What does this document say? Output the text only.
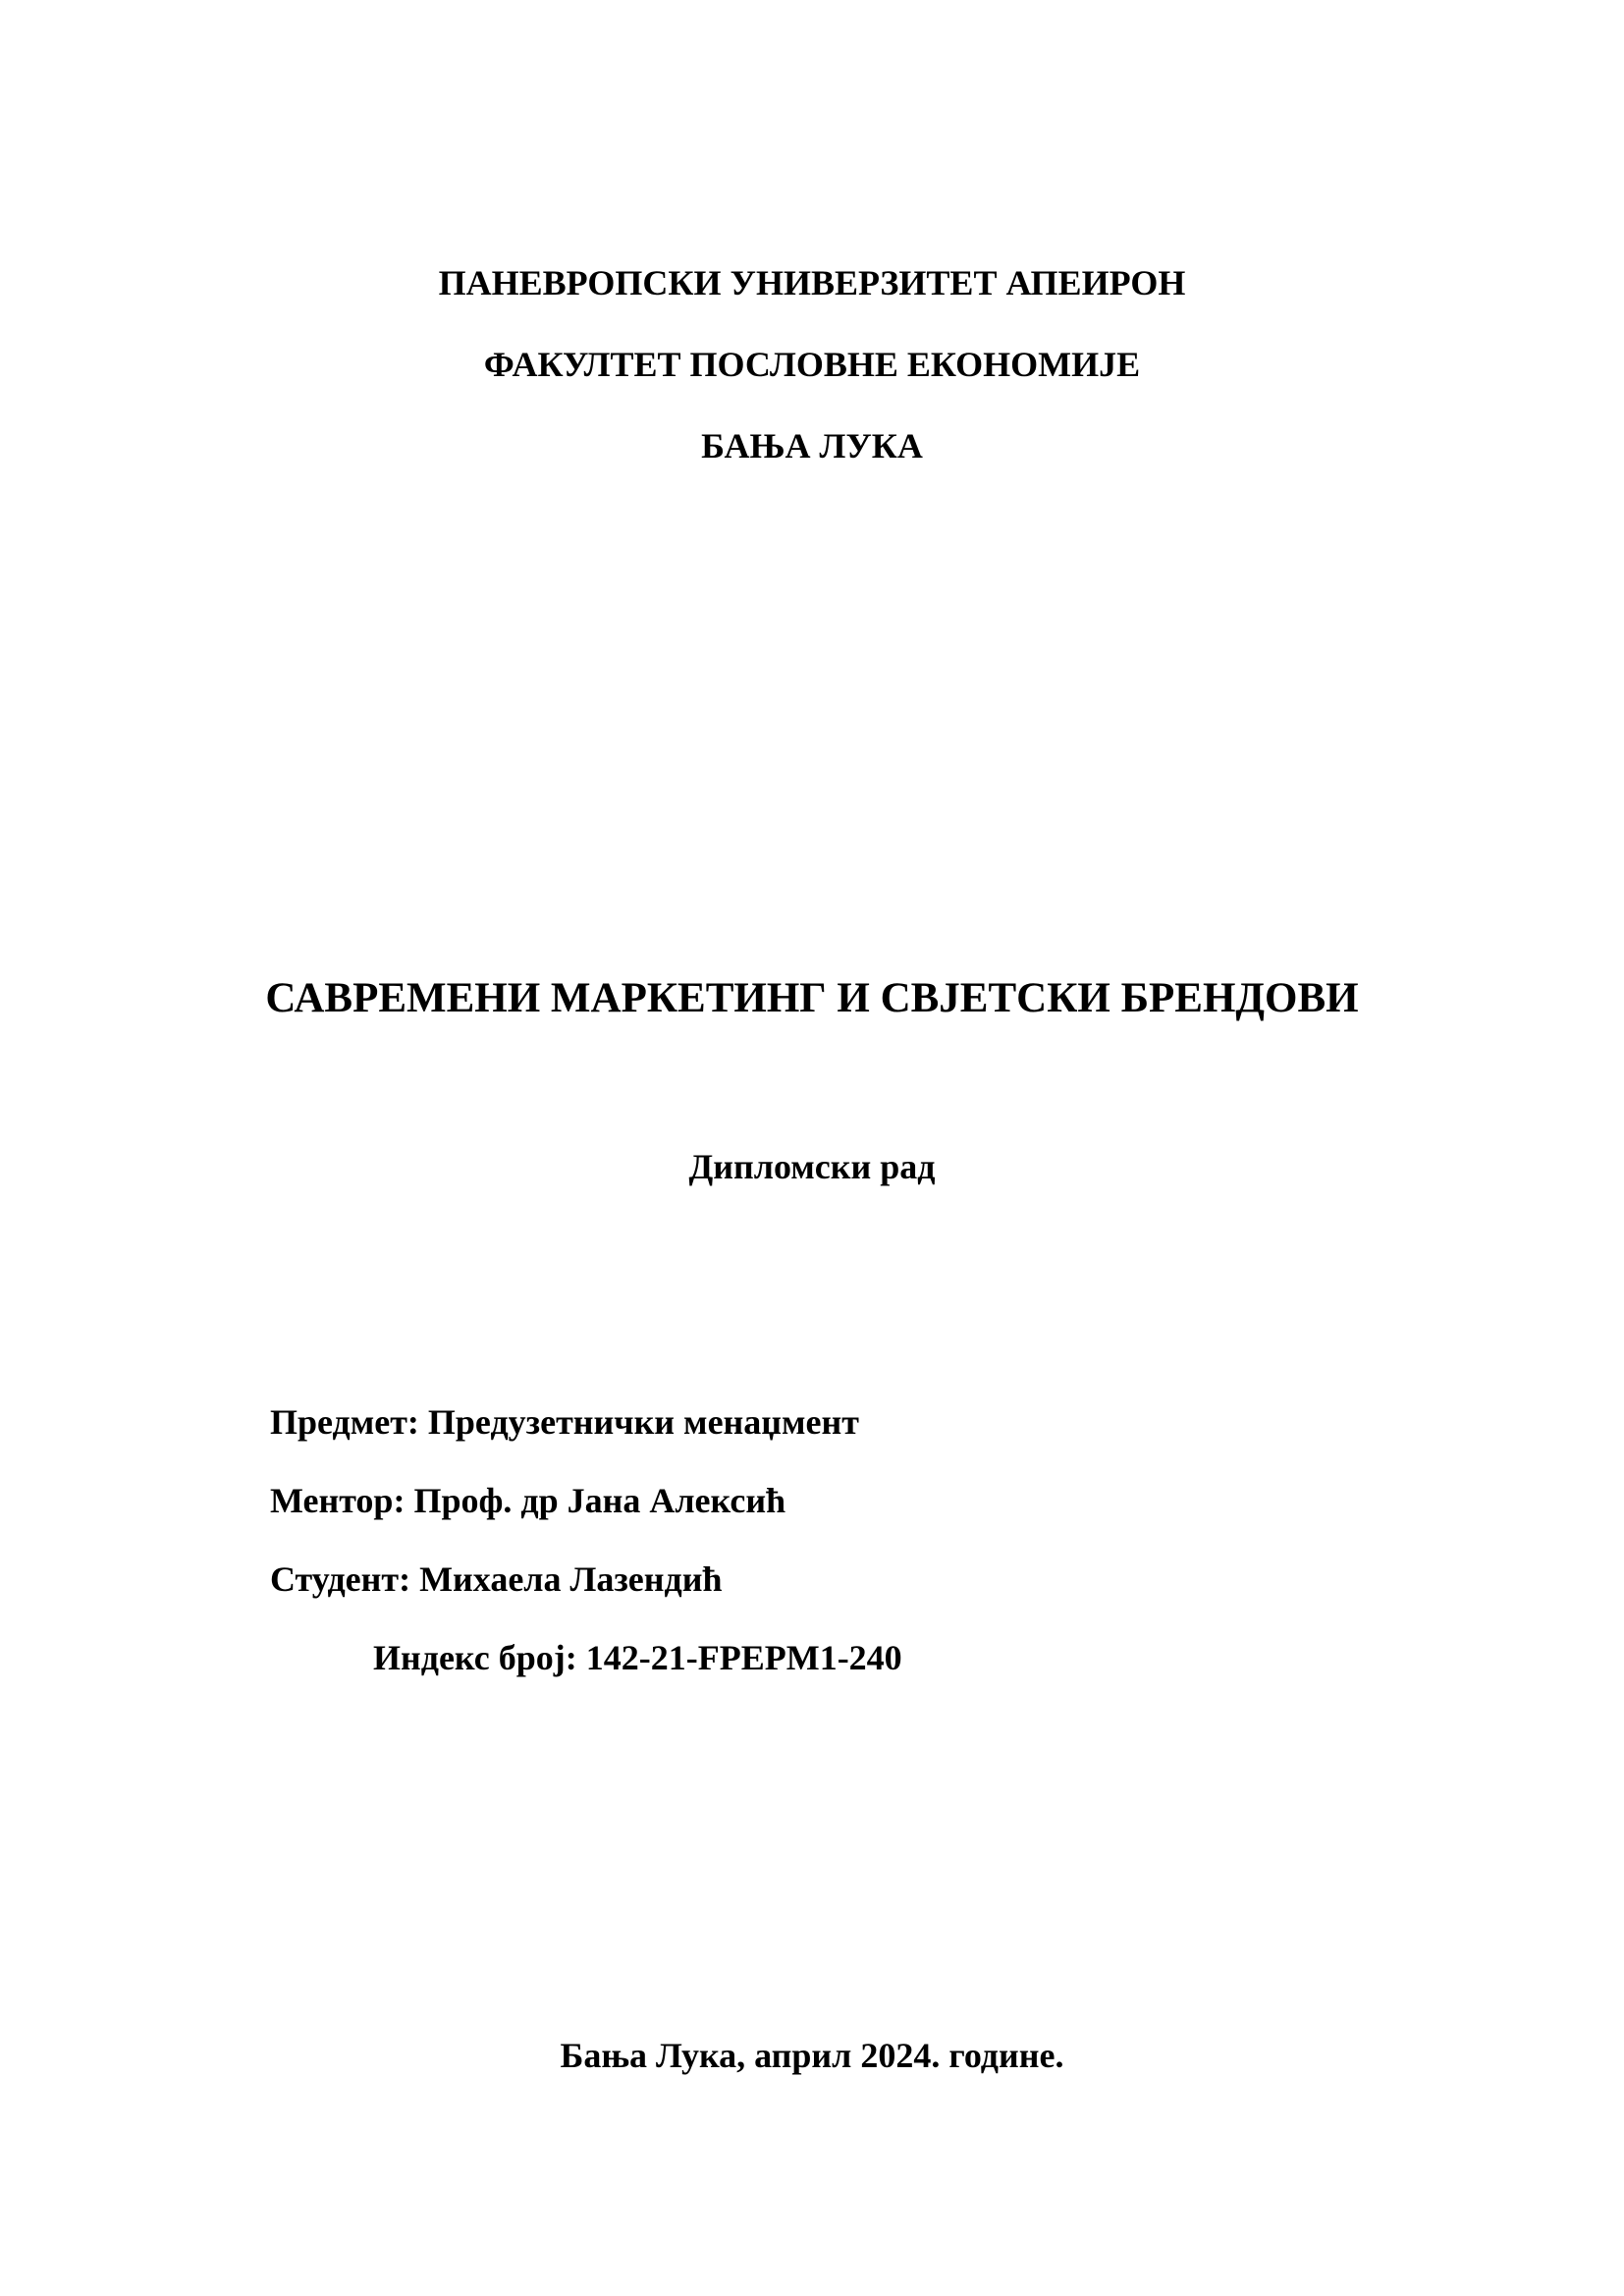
ПАНЕВРОПСКИ УНИВЕРЗИТЕТ АПЕИРОН
ФАКУЛТЕТ ПОСЛОВНЕ ЕКОНОМИЈЕ
БАЊА ЛУКА
САВРЕМЕНИ МАРКЕТИНГ И СВЈЕТСКИ БРЕНДОВИ

Дипломски рад

Предмет: Предузетнички менаџмент

Ментор: Проф. др Јана Алексић

Студент: Михаела Лазендић

Индекс број: 142-21-FPEPM1-240

Бања Лука, април 2024. године.
